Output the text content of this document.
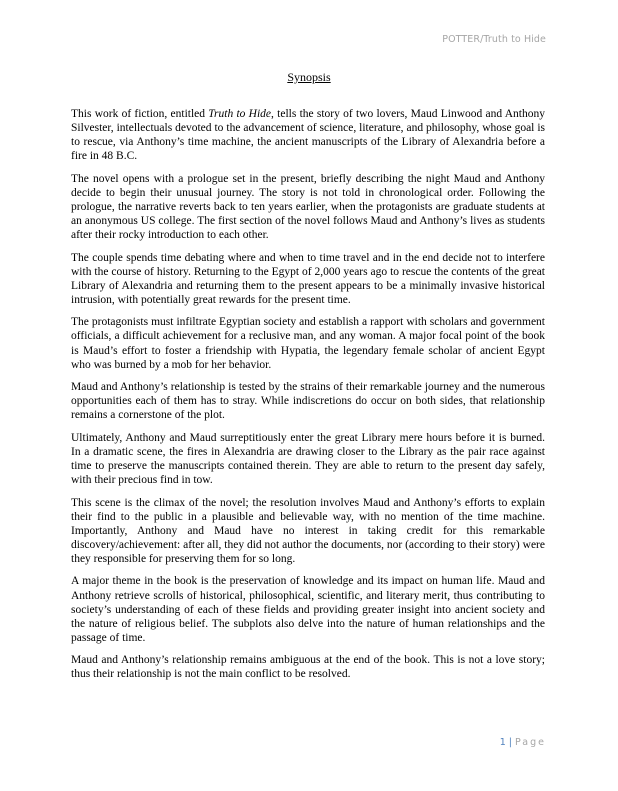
POTTER/Truth to Hide
Synopsis

This work of fiction, entitled Truth to Hide, tells the story of two lovers, Maud Linwood and Anthony Silvester, intellectuals devoted to the advancement of science, literature, and philosophy, whose goal is to rescue, via Anthony’s time machine, the ancient manuscripts of the Library of Alexandria before a fire in 48 B.C.

The novel opens with a prologue set in the present, briefly describing the night Maud and Anthony decide to begin their unusual journey. The story is not told in chronological order. Following the prologue, the narrative reverts back to ten years earlier, when the protagonists are graduate students at an anonymous US college. The first section of the novel follows Maud and Anthony’s lives as students after their rocky introduction to each other.

The couple spends time debating where and when to time travel and in the end decide not to interfere with the course of history. Returning to the Egypt of 2,000 years ago to rescue the contents of the great Library of Alexandria and returning them to the present appears to be a minimally invasive historical intrusion, with potentially great rewards for the present time.

The protagonists must infiltrate Egyptian society and establish a rapport with scholars and government officials, a difficult achievement for a reclusive man, and any woman. A major focal point of the book is Maud’s effort to foster a friendship with Hypatia, the legendary female scholar of ancient Egypt who was burned by a mob for her behavior.

Maud and Anthony’s relationship is tested by the strains of their remarkable journey and the numerous opportunities each of them has to stray. While indiscretions do occur on both sides, that relationship remains a cornerstone of the plot.

Ultimately, Anthony and Maud surreptitiously enter the great Library mere hours before it is burned. In a dramatic scene, the fires in Alexandria are drawing closer to the Library as the pair race against time to preserve the manuscripts contained therein. They are able to return to the present day safely, with their precious find in tow.

This scene is the climax of the novel; the resolution involves Maud and Anthony’s efforts to explain their find to the public in a plausible and believable way, with no mention of the time machine. Importantly, Anthony and Maud have no interest in taking credit for this remarkable discovery/achievement: after all, they did not author the documents, nor (according to their story) were they responsible for preserving them for so long.

A major theme in the book is the preservation of knowledge and its impact on human life. Maud and Anthony retrieve scrolls of historical, philosophical, scientific, and literary merit, thus contributing to society’s understanding of each of these fields and providing greater insight into ancient society and the nature of religious belief. The subplots also delve into the nature of human relationships and the passage of time.

Maud and Anthony’s relationship remains ambiguous at the end of the book. This is not a love story; thus their relationship is not the main conflict to be resolved.

1 | Page
